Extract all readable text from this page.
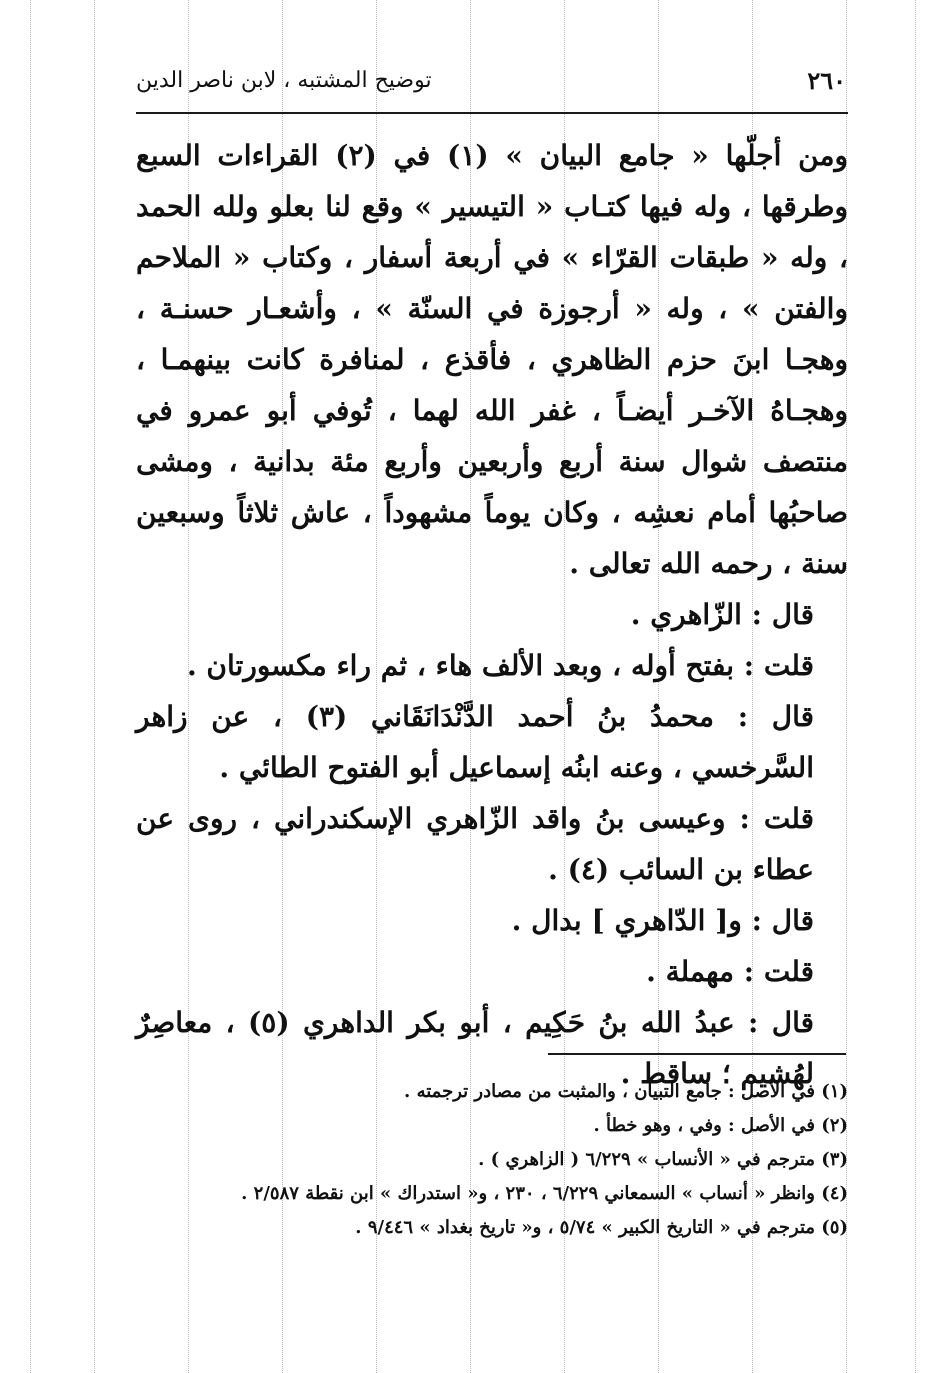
٢٦٠
توضيح المشتبه ، لابن ناصر الدين

ومن أجلّها « جامع البيان » (١) في (٢) القراءات السبع وطرقها ، وله فيها كتـاب « التيسير » وقع لنا بعلو ولله الحمد ، وله « طبقات القرّاء » في أربعة أسفار ، وكتاب « الملاحم والفتن » ، وله « أرجوزة في السنّة » ، وأشعـار حسنـة ، وهجـا ابنَ حزم الظاهري ، فأقذع ، لمنافرة كانت بينهمـا ، وهجـاهُ الآخـر أيضـاً ، غفر الله لهما ، تُوفي أبو عمرو في منتصف شوال سنة أربع وأربعين وأربع مئة بدانية ، ومشى صاحبُها أمام نعشِه ، وكان يوماً مشهوداً ، عاش ثلاثاً وسبعين سنة ، رحمه الله تعالى .

قال : الزّاهري .

قلت : بفتح أوله ، وبعد الألف هاء ، ثم راء مكسورتان .

قال : محمدُ بنُ أحمد الدَّنْدَانَقَاني (٣) ، عن زاهر السَّرخسي ، وعنه ابنُه إسماعيل أبو الفتوح الطائي .

قلت : وعيسى بنُ واقد الزّاهري الإسكندراني ، روى عن عطاء بن السائب (٤) .

قال : و[ الدّاهري ] بدال .

قلت : مهملة .

قال : عبدُ الله بنُ حَكِيم ، أبو بكر الداهري (٥) ، معاصِرٌ لهُشيم ؛ ساقط .

(١) في الأصل : جامع التبيان ، والمثبت من مصادر ترجمته .

(٢) في الأصل : وفي ، وهو خطأ .

(٣) مترجم في « الأنساب » ٦/٢٢٩ ( الزاهري ) .

(٤) وانظر « أنساب » السمعاني ٦/٢٢٩ ، ٢٣٠ ، و« استدراك » ابن نقطة ٢/٥٨٧ .

(٥) مترجم في « التاريخ الكبير » ٥/٧٤ ، و« تاريخ بغداد » ٩/٤٤٦ .
